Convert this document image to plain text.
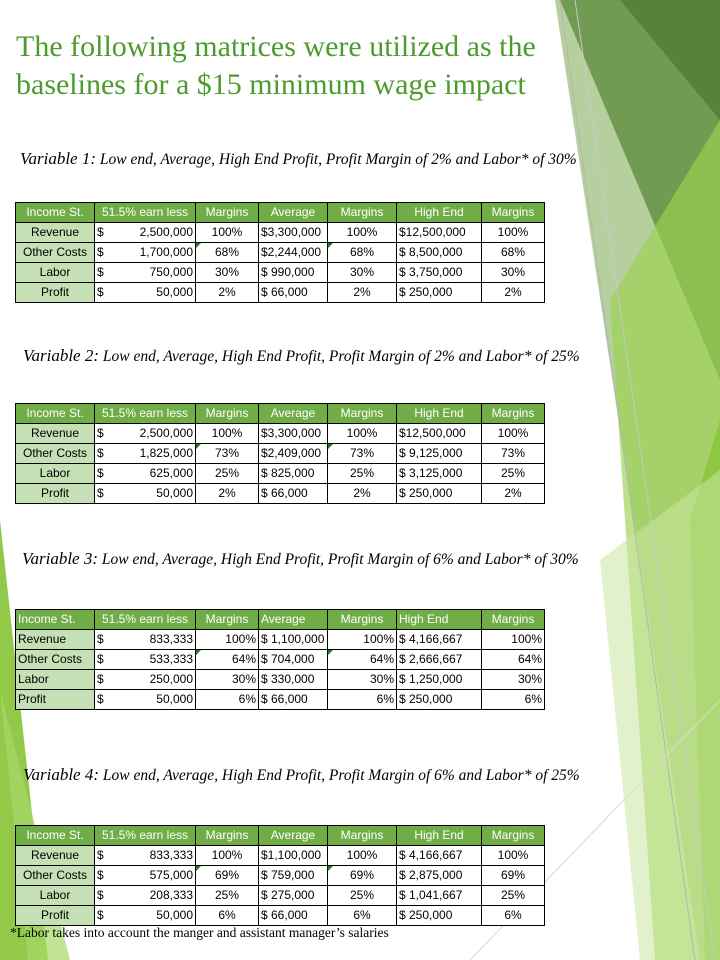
The following matrices were utilized as the baselines for a $15 minimum wage impact

Variable 1: Low end, Average, High End Profit, Profit Margin of 2% and Labor* of 30%

Income St.	51.5% earn less		Margins	Average	Margins	High End	Margins
Revenue	$	2,500,000	100%	$3,300,000	100%	$12,500,000	100%
Other Costs	$	1,700,000	68%	$2,244,000	68%	$ 8,500,000	68%
Labor	$	750,000	30%	$ 990,000	30%	$ 3,750,000	30%
Profit	$	50,000	2%	$ 66,000	2%	$ 250,000	2%

Variable 2: Low end, Average, High End Profit, Profit Margin of 2% and Labor* of 25%

Income St.	51.5% earn less		Margins	Average	Margins	High End	Margins
Revenue	$	2,500,000	100%	$3,300,000	100%	$12,500,000	100%
Other Costs	$	1,825,000	73%	$2,409,000	73%	$ 9,125,000	73%
Labor	$	625,000	25%	$ 825,000	25%	$ 3,125,000	25%
Profit	$	50,000	2%	$ 66,000	2%	$ 250,000	2%

Variable 3: Low end, Average, High End Profit, Profit Margin of 6% and Labor* of 30%

Income St.	51.5% earn less		Margins	Average	Margins	High End	Margins
Revenue	$	833,333	100%	$ 1,100,000	100%	$ 4,166,667	100%
Other Costs	$	533,333	64%	$ 704,000	64%	$ 2,666,667	64%
Labor	$	250,000	30%	$ 330,000	30%	$ 1,250,000	30%
Profit	$	50,000	6%	$ 66,000	6%	$ 250,000	6%

Variable 4: Low end, Average, High End Profit, Profit Margin of 6% and Labor* of 25%

Income St.	51.5% earn less		Margins	Average	Margins	High End	Margins
Revenue	$	833,333	100%	$1,100,000	100%	$ 4,166,667	100%
Other Costs	$	575,000	69%	$ 759,000	69%	$ 2,875,000	69%
Labor	$	208,333	25%	$ 275,000	25%	$ 1,041,667	25%
Profit	$	50,000	6%	$ 66,000	6%	$ 250,000	6%

*Labor takes into account the manger and assistant manager’s salaries
